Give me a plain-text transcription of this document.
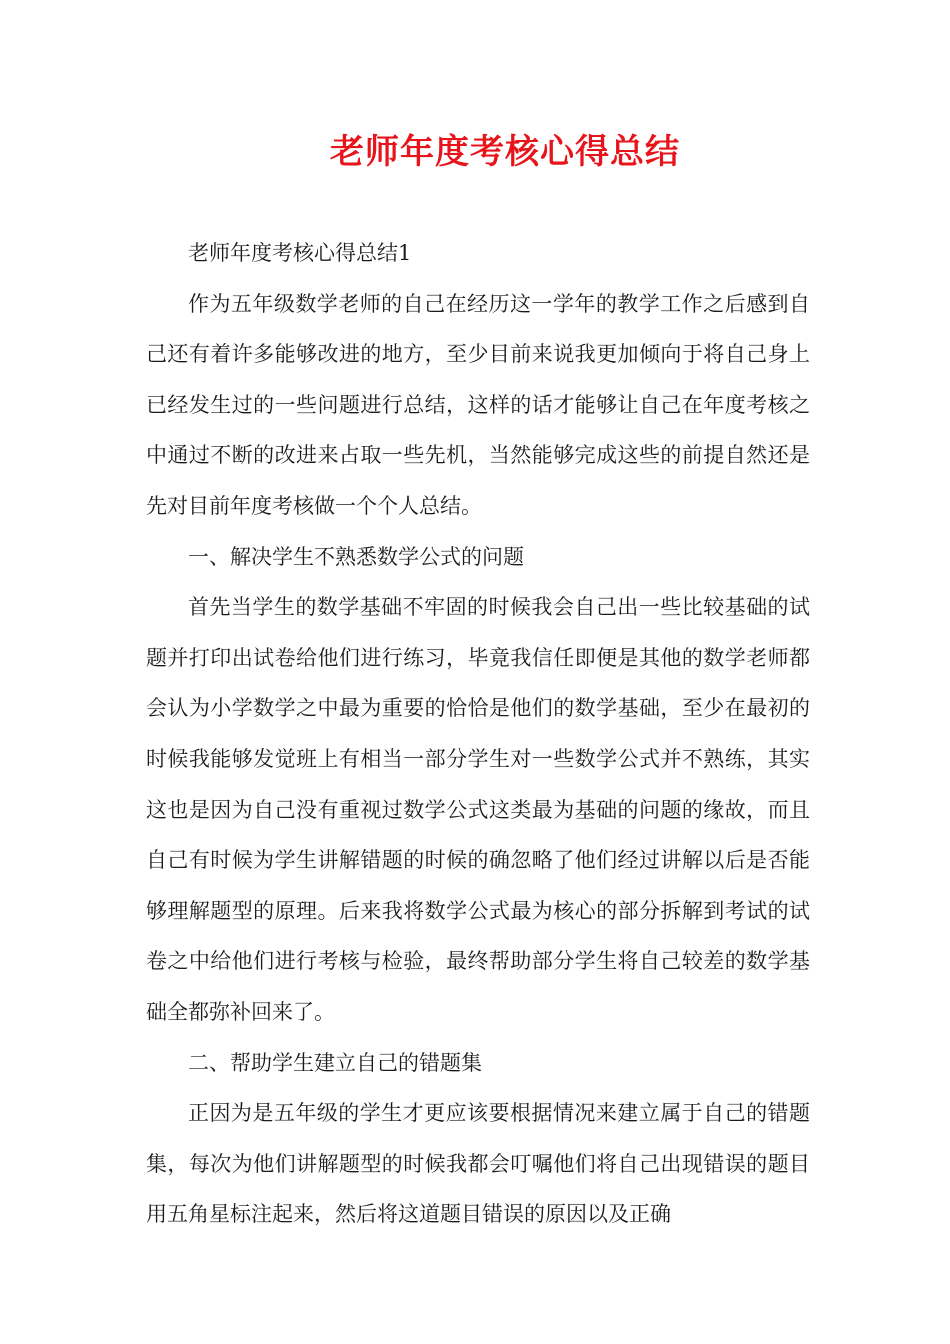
老师年度考核心得总结

老师年度考核心得总结1

作为五年级数学老师的自己在经历这一学年的教学工作之后感到自己还有着许多能够改进的地方，至少目前来说我更加倾向于将自己身上已经发生过的一些问题进行总结，这样的话才能够让自己在年度考核之中通过不断的改进来占取一些先机，当然能够完成这些的前提自然还是先对目前年度考核做一个个人总结。

一、解决学生不熟悉数学公式的问题

首先当学生的数学基础不牢固的时候我会自己出一些比较基础的试题并打印出试卷给他们进行练习，毕竟我信任即便是其他的数学老师都会认为小学数学之中最为重要的恰恰是他们的数学基础，至少在最初的时候我能够发觉班上有相当一部分学生对一些数学公式并不熟练，其实这也是因为自己没有重视过数学公式这类最为基础的问题的缘故，而且自己有时候为学生讲解错题的时候的确忽略了他们经过讲解以后是否能够理解题型的原理。后来我将数学公式最为核心的部分拆解到考试的试卷之中给他们进行考核与检验，最终帮助部分学生将自己较差的数学基础全都弥补回来了。

二、帮助学生建立自己的错题集

正因为是五年级的学生才更应该要根据情况来建立属于自己的错题集，每次为他们讲解题型的时候我都会叮嘱他们将自己出现错误的题目用五角星标注起来，然后将这道题目错误的原因以及正确
